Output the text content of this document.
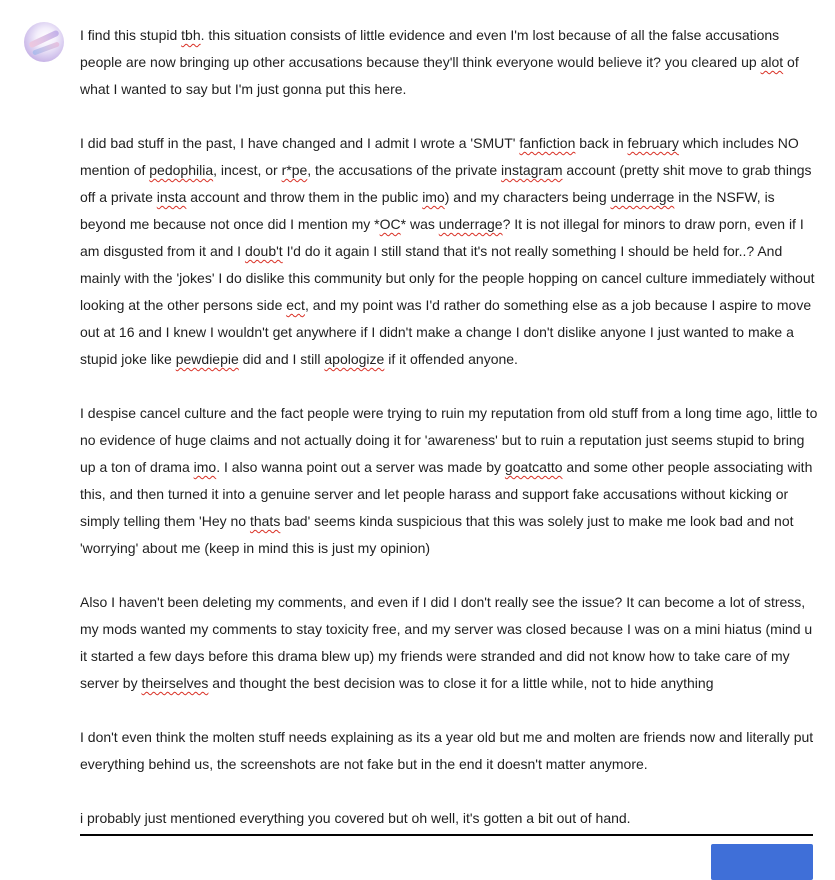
I find this stupid tbh. this situation consists of little evidence and even I'm lost because of all the false accusations people are now bringing up other accusations because they'll think everyone would believe it? you cleared up alot of what I wanted to say but I'm just gonna put this here.

I did bad stuff in the past, I have changed and I admit I wrote a 'SMUT' fanfiction back in february which includes NO mention of pedophilia, incest, or r*pe, the accusations of the private instagram account (pretty shit move to grab things off a private insta account and throw them in the public imo) and my characters being underrage in the NSFW, is beyond me because not once did I mention my *OC* was underrage? It is not illegal for minors to draw porn, even if I am disgusted from it and I doub't I'd do it again I still stand that it's not really something I should be held for..? And mainly with the 'jokes' I do dislike this community but only for the people hopping on cancel culture immediately without looking at the other persons side ect, and my point was I'd rather do something else as a job because I aspire to move out at 16 and I knew I wouldn't get anywhere if I didn't make a change I don't dislike anyone I just wanted to make a stupid joke like pewdiepie did and I still apologize if it offended anyone.

I despise cancel culture and the fact people were trying to ruin my reputation from old stuff from a long time ago, little to no evidence of huge claims and not actually doing it for 'awareness' but to ruin a reputation just seems stupid to bring up a ton of drama imo. I also wanna point out a server was made by goatcatto and some other people associating with this, and then turned it into a genuine server and let people harass and support fake accusations without kicking or simply telling them 'Hey no thats bad' seems kinda suspicious that this was solely just to make me look bad and not 'worrying' about me (keep in mind this is just my opinion)

Also I haven't been deleting my comments, and even if I did I don't really see the issue? It can become a lot of stress, my mods wanted my comments to stay toxicity free, and my server was closed because I was on a mini hiatus (mind u it started a few days before this drama blew up) my friends were stranded and did not know how to take care of my server by theirselves and thought the best decision was to close it for a little while, not to hide anything

I don't even think the molten stuff needs explaining as its a year old but me and molten are friends now and literally put everything behind us, the screenshots are not fake but in the end it doesn't matter anymore.

i probably just mentioned everything you covered but oh well, it's gotten a bit out of hand.
